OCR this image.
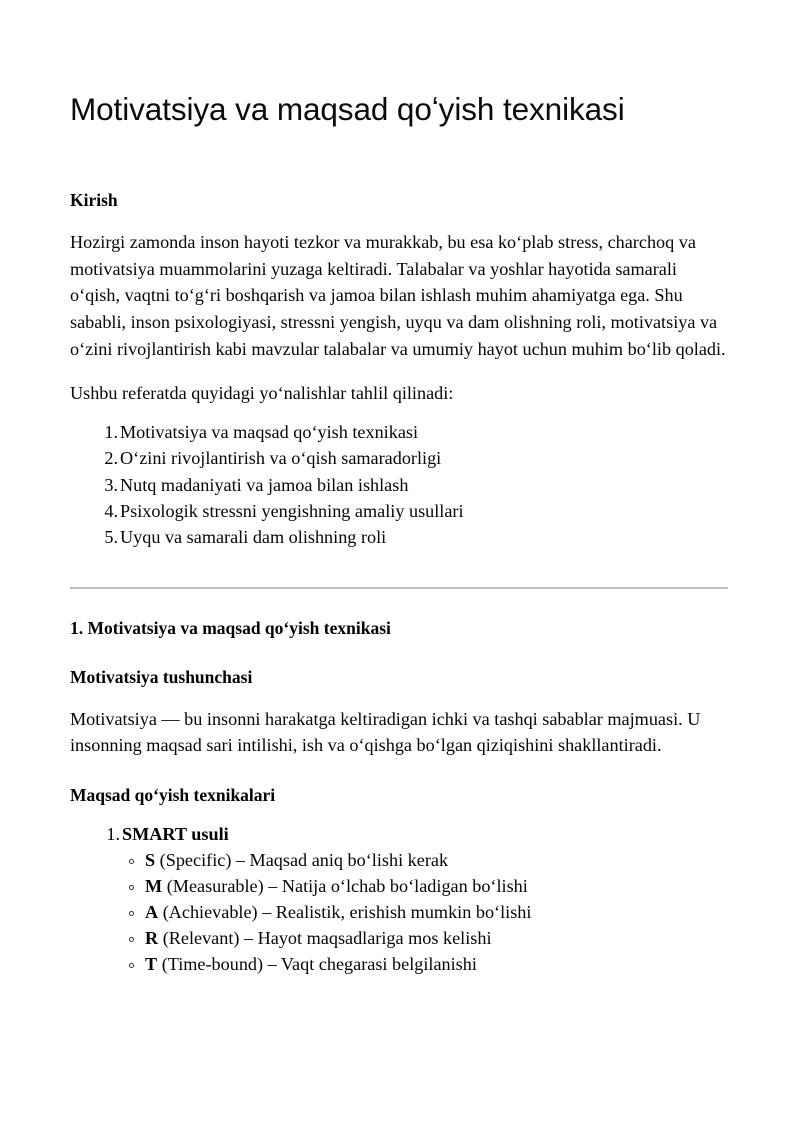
Motivatsiya va maqsad qoʻyish texnikasi
Kirish

Hozirgi zamonda inson hayoti tezkor va murakkab, bu esa koʻplab stress, charchoq va motivatsiya muammolarini yuzaga keltiradi. Talabalar va yoshlar hayotida samarali oʻqish, vaqtni toʻgʻri boshqarish va jamoa bilan ishlash muhim ahamiyatga ega. Shu sababli, inson psixologiyasi, stressni yengish, uyqu va dam olishning roli, motivatsiya va oʻzini rivojlantirish kabi mavzular talabalar va umumiy hayot uchun muhim boʻlib qoladi.

Ushbu referatda quyidagi yoʻnalishlar tahlil qilinadi:

Motivatsiya va maqsad qoʻyish texnikasi
Oʻzini rivojlantirish va oʻqish samaradorligi
Nutq madaniyati va jamoa bilan ishlash
Psixologik stressni yengishning amaliy usullari
Uyqu va samarali dam olishning roli
1. Motivatsiya va maqsad qoʻyish texnikasi
Motivatsiya tushunchasi

Motivatsiya — bu insonni harakatga keltiradigan ichki va tashqi sabablar majmuasi. U insonning maqsad sari intilishi, ish va oʻqishga boʻlgan qiziqishini shakllantiradi.

Maqsad qoʻyish texnikalari
SMART usuli
S (Specific) – Maqsad aniq boʻlishi kerak
M (Measurable) – Natija oʻlchab boʻladigan boʻlishi
A (Achievable) – Realistik, erishish mumkin boʻlishi
R (Relevant) – Hayot maqsadlariga mos kelishi
T (Time-bound) – Vaqt chegarasi belgilanishi
